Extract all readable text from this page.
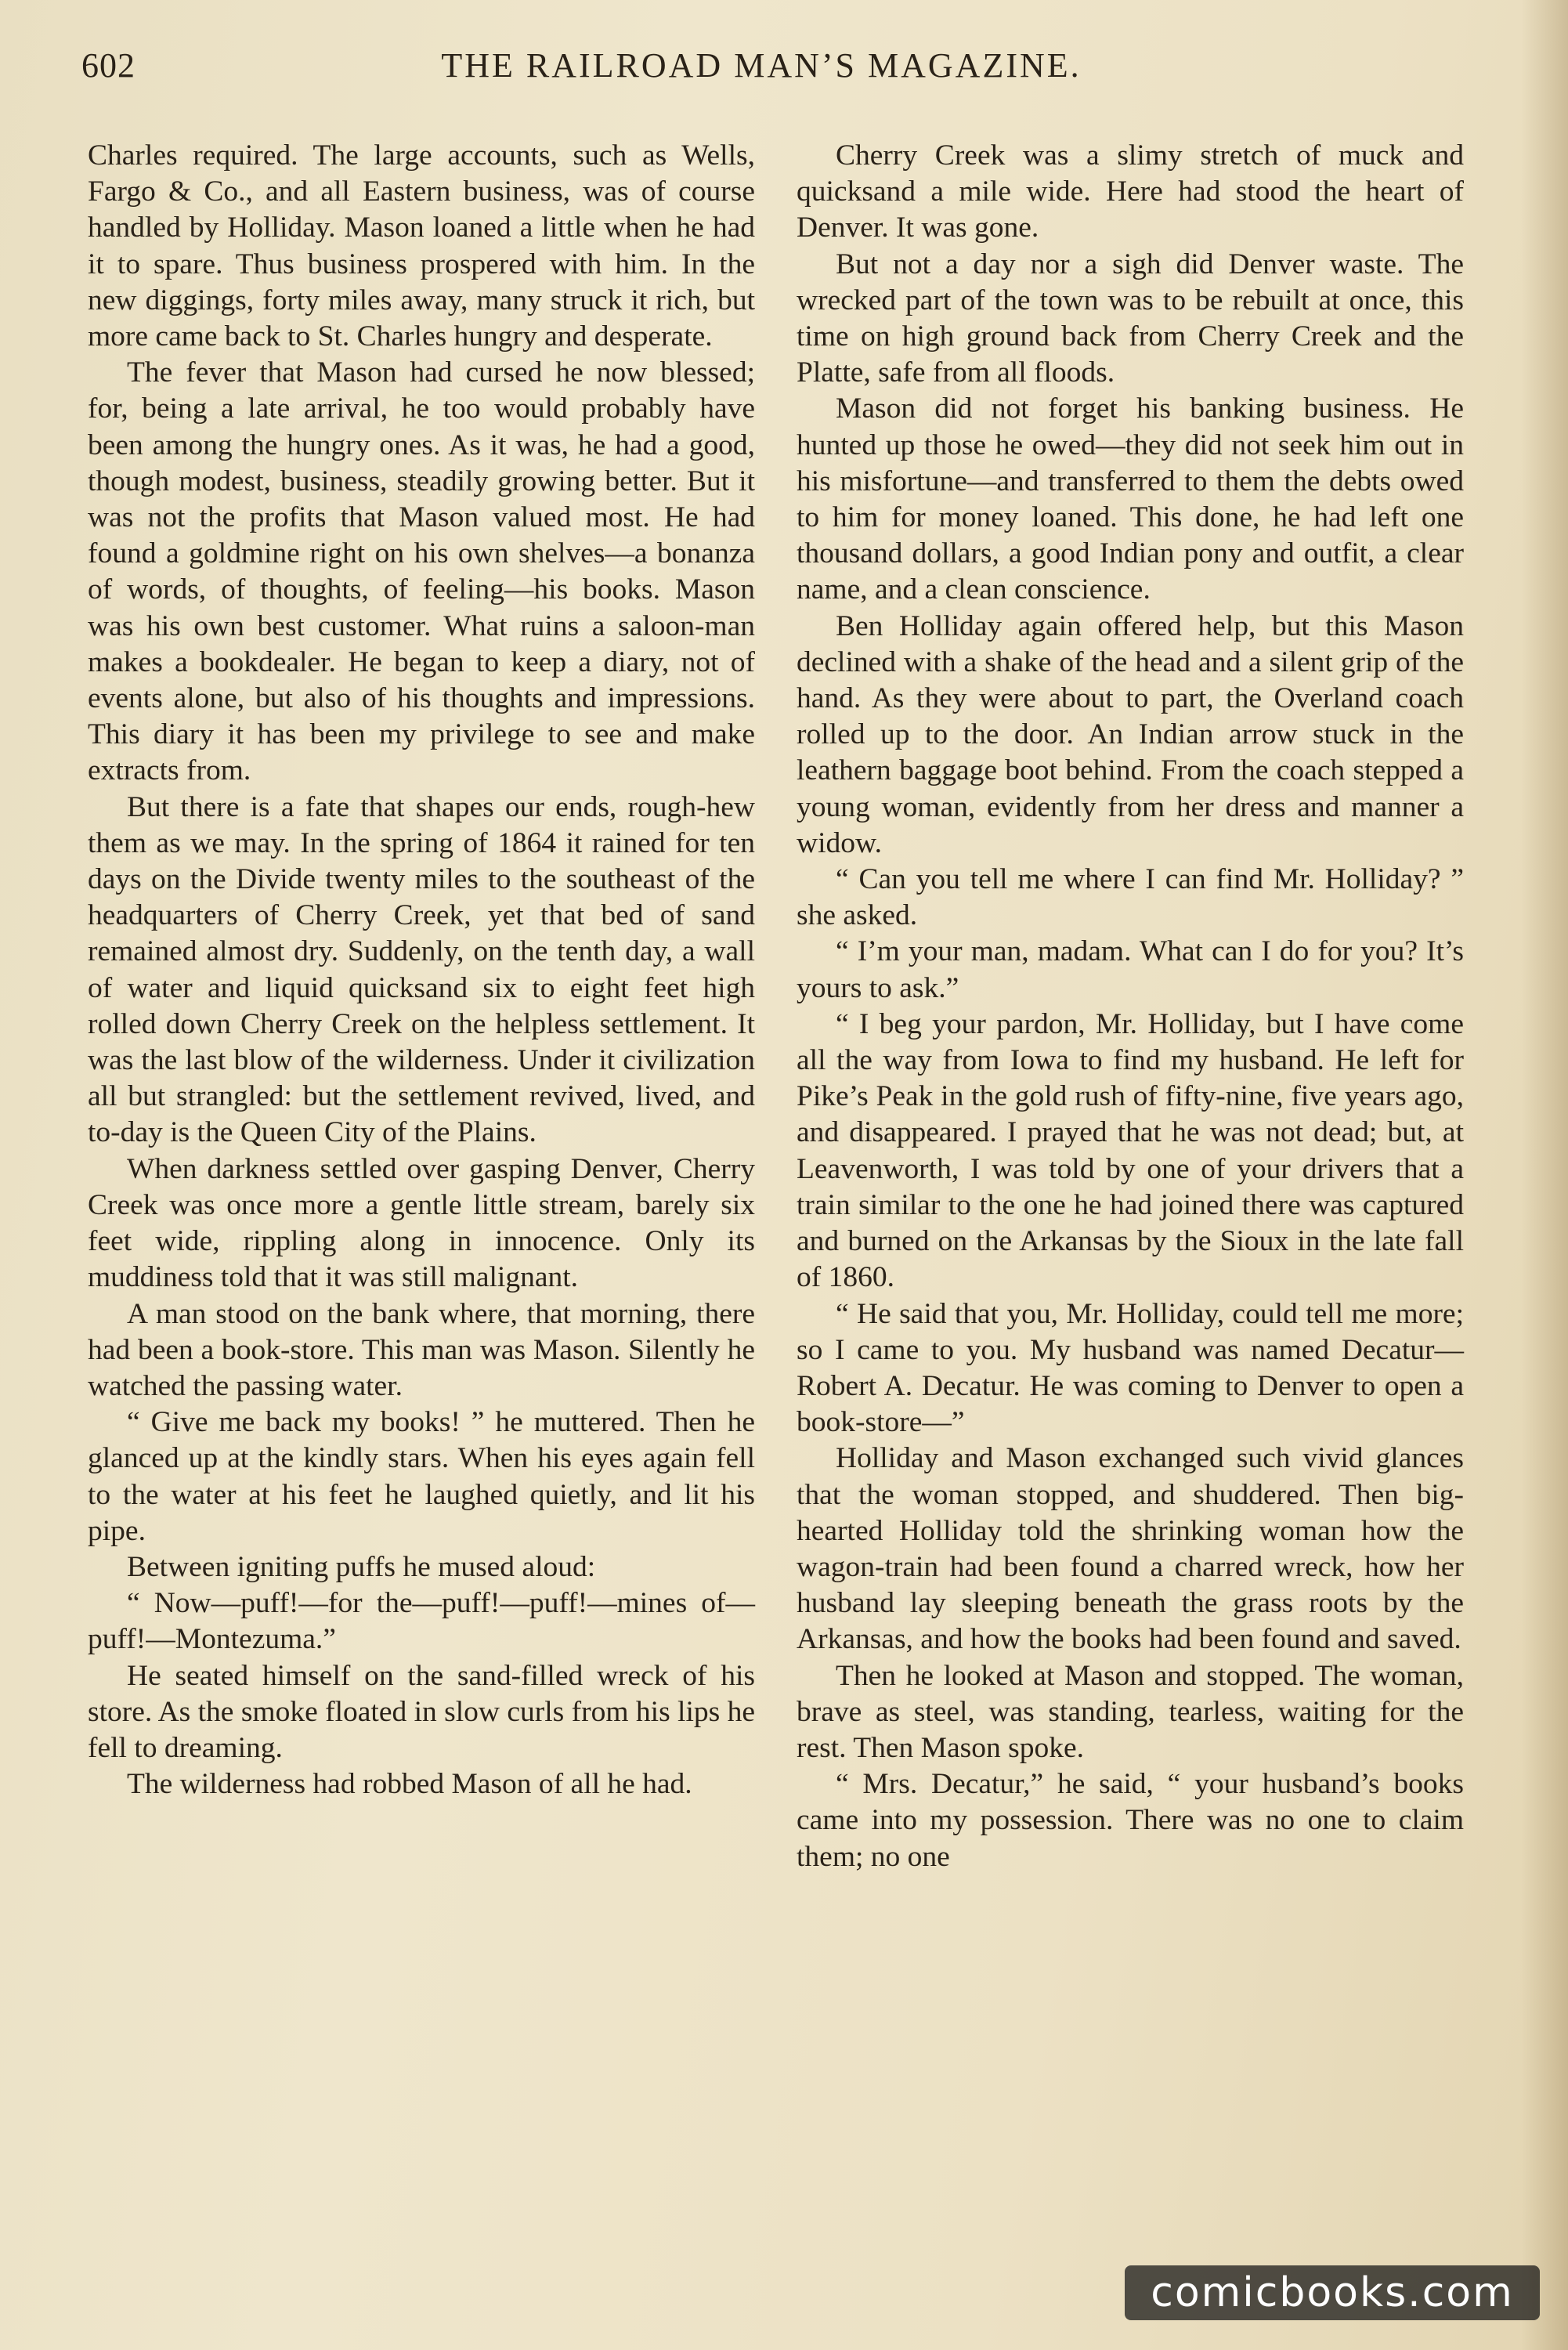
602	THE RAILROAD MAN’S MAGAZINE.

Charles required. The large accounts, such as Wells, Fargo & Co., and all Eastern business, was of course handled by Holliday. Mason loaned a little when he had it to spare. Thus business prospered with him. In the new diggings, forty miles away, many struck it rich, but more came back to St. Charles hungry and desperate.

The fever that Mason had cursed he now blessed; for, being a late arrival, he too would probably have been among the hungry ones. As it was, he had a good, though modest, business, steadily growing better. But it was not the profits that Mason valued most. He had found a goldmine right on his own shelves—a bonanza of words, of thoughts, of feeling—his books. Mason was his own best customer. What ruins a saloon-man makes a bookdealer. He began to keep a diary, not of events alone, but also of his thoughts and impressions. This diary it has been my privilege to see and make extracts from.

But there is a fate that shapes our ends, rough-hew them as we may. In the spring of 1864 it rained for ten days on the Divide twenty miles to the southeast of the headquarters of Cherry Creek, yet that bed of sand remained almost dry. Suddenly, on the tenth day, a wall of water and liquid quicksand six to eight feet high rolled down Cherry Creek on the helpless settlement. It was the last blow of the wilderness. Under it civilization all but strangled: but the settlement revived, lived, and to-day is the Queen City of the Plains.

When darkness settled over gasping Denver, Cherry Creek was once more a gentle little stream, barely six feet wide, rippling along in innocence. Only its muddiness told that it was still malignant.

A man stood on the bank where, that morning, there had been a book-store. This man was Mason. Silently he watched the passing water.

“ Give me back my books! ” he muttered. Then he glanced up at the kindly stars. When his eyes again fell to the water at his feet he laughed quietly, and lit his pipe.

Between igniting puffs he mused aloud:

“ Now—puff!—for the—puff!—puff!—mines of—puff!—Montezuma.”

He seated himself on the sand-filled wreck of his store. As the smoke floated in slow curls from his lips he fell to dreaming.

The wilderness had robbed Mason of all he had.

Cherry Creek was a slimy stretch of muck and quicksand a mile wide. Here had stood the heart of Denver. It was gone.

But not a day nor a sigh did Denver waste. The wrecked part of the town was to be rebuilt at once, this time on high ground back from Cherry Creek and the Platte, safe from all floods.

Mason did not forget his banking business. He hunted up those he owed—they did not seek him out in his misfortune—and transferred to them the debts owed to him for money loaned. This done, he had left one thousand dollars, a good Indian pony and outfit, a clear name, and a clean conscience.

Ben Holliday again offered help, but this Mason declined with a shake of the head and a silent grip of the hand. As they were about to part, the Overland coach rolled up to the door. An Indian arrow stuck in the leathern baggage boot behind. From the coach stepped a young woman, evidently from her dress and manner a widow.

“ Can you tell me where I can find Mr. Holliday? ” she asked.

“ I’m your man, madam. What can I do for you? It’s yours to ask.”

“ I beg your pardon, Mr. Holliday, but I have come all the way from Iowa to find my husband. He left for Pike’s Peak in the gold rush of fifty-nine, five years ago, and disappeared. I prayed that he was not dead; but, at Leavenworth, I was told by one of your drivers that a train similar to the one he had joined there was captured and burned on the Arkansas by the Sioux in the late fall of 1860.

“ He said that you, Mr. Holliday, could tell me more; so I came to you. My husband was named Decatur—Robert A. Decatur. He was coming to Denver to open a book-store—”

Holliday and Mason exchanged such vivid glances that the woman stopped, and shuddered. Then big-hearted Holliday told the shrinking woman how the wagon-train had been found a charred wreck, how her husband lay sleeping beneath the grass roots by the Arkansas, and how the books had been found and saved.

Then he looked at Mason and stopped. The woman, brave as steel, was standing, tearless, waiting for the rest. Then Mason spoke.

“ Mrs. Decatur,” he said, “ your husband’s books came into my possession. There was no one to claim them; no one

comicbooks.com
